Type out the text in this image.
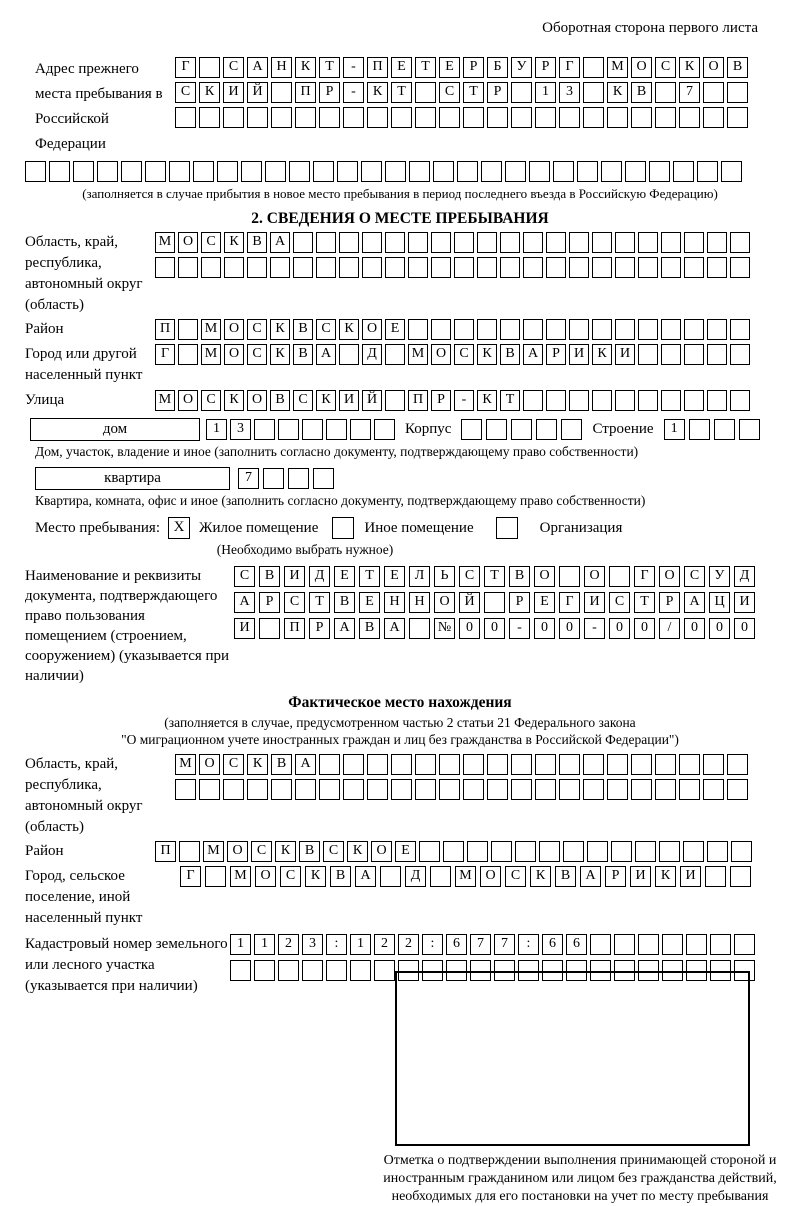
Оборотная сторона первого листа
Адрес прежнего места пребывания в Российской Федерации
Г	С	А Н	К	Т	-	П	Е	Т	Е	Р	Б	У	Р	Г	М О	С	К	О	В
С	К	И Й	П	Р	-	К	Т	С	Т	Р	1	3	К	В	7
(заполняется в случае прибытия в новое место пребывания в период последнего въезда в Российскую Федерацию)
2. СВЕДЕНИЯ О МЕСТЕ ПРЕБЫВАНИЯ
Область, край, республика, автономный округ (область)
М О С К В А
Район	П	М О С К В С К О Е
Город или другой населенный пункт
Г	М О С К В А	Д	М О С К В А	Р	И К И
Улица	М О С К О В С К И Й	П	Р	-	К	Т
дом	1	3	Корпус	Строение	1
Дом, участок, владение и иное (заполнить согласно документу, подтверждающему право собственности)
квартира	7
Квартира, комната, офис и иное (заполнить согласно документу, подтверждающему право собственности)
Место пребывания: X Жилое помещение	Иное помещение	Организация
(Необходимо выбрать нужное)
Наименование и реквизиты документа, подтверждающего право пользования помещением (строением, сооружением) (указывается при наличии)
С	В	И	Д	Е	Т	Е	Л	Ь	С	Т	В	О	О	Г	О	С	У	Д
А	Р	С	Т	В	Е	Н	Н	О	Й	Р	Е	Г	И	С	Т	Р	А	Ц	И
И	П	Р	А	В	А	№	0	0	-	0	0	-	0	0	/	0	0	0
Фактическое место нахождения
(заполняется в случае, предусмотренном частью 2 статьи 21 Федерального закона
"О миграционном учете иностранных граждан и лиц без гражданства в Российской Федерации")
Область, край, республика, автономный округ (область)
М О	С	К	В	А
Район	П	М О	С	К	В	С	К	О	Е
Город, сельское поселение, иной населенный пункт
Г	М О	С	К	В	А	Д	М О	С	К	В	А	Р	И	К	И
Кадастровый номер земельного или лесного участка (указывается при наличии)
1	1	2	3	:	1	2	2	:	6	7	7	:	6	6
Отметка о подтверждении выполнения принимающей стороной и иностранным гражданином или лицом без гражданства действий, необходимых для его постановки на учет по месту пребывания
